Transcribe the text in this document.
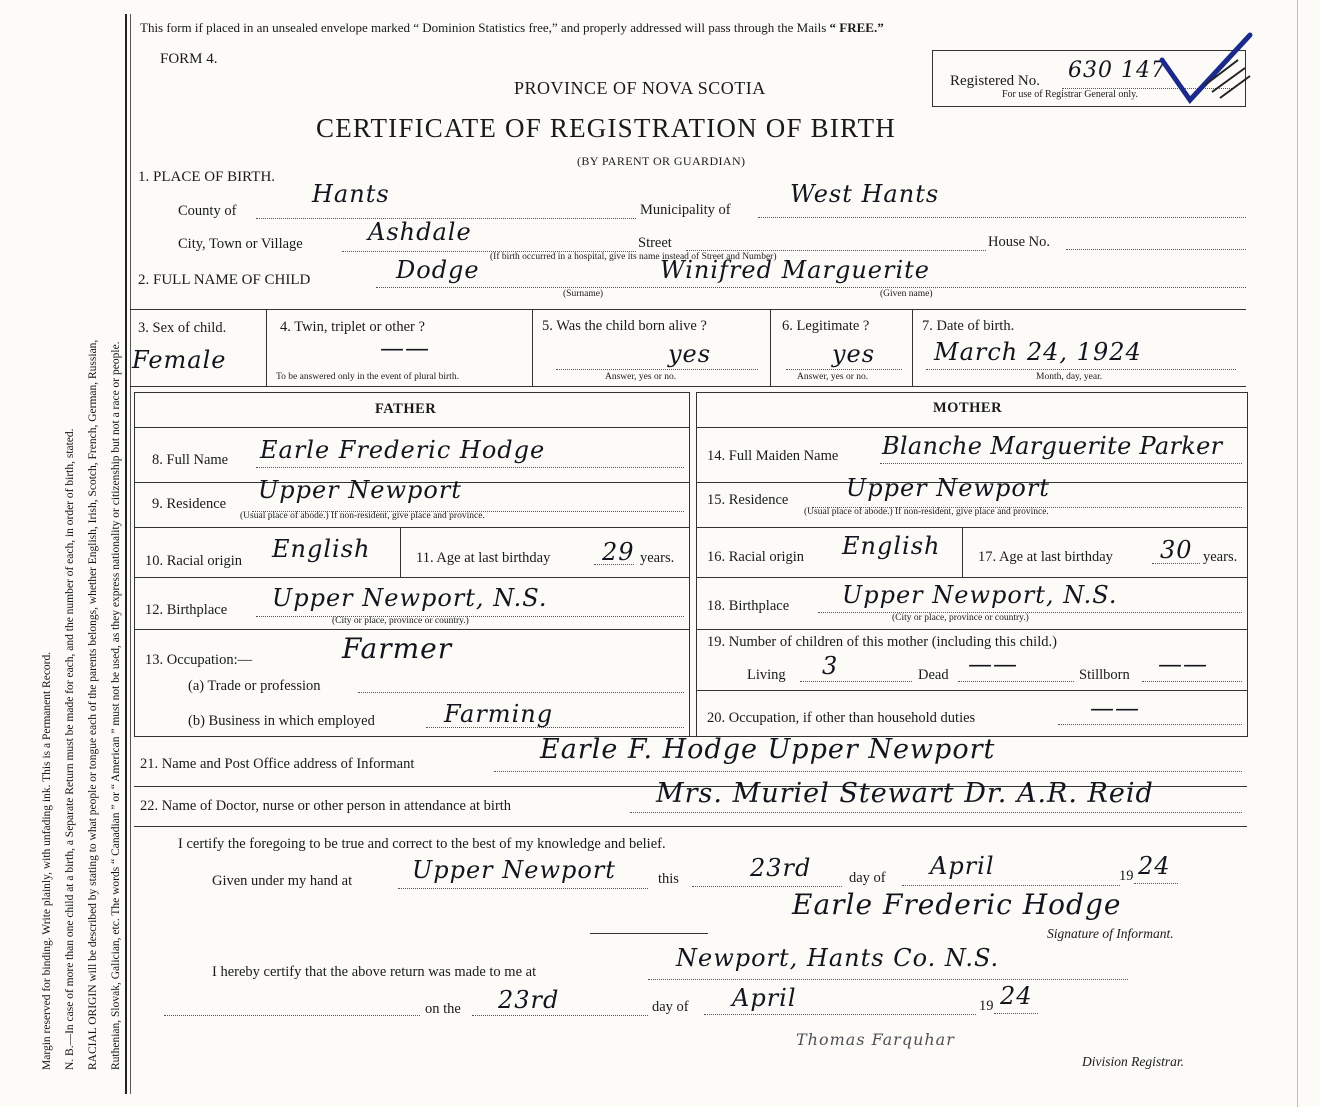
Margin reserved for binding. Write plainly, with unfading ink. This is a Permanent Record. N. B.—In case of more than one child at a birth, a Separate Return must be made for each, and the number of each, in order of birth, stated. RACIAL ORIGIN will be described by stating to what people or tongue each of the parents belongs, whether English, Irish, Scotch, French, German, Russian, Ruthenian, Slovak, Galician, etc. The words “ Canadian ” or “ American ” must not be used, as they express nationality or citizenship but not a race or people.
This form if placed in an unsealed envelope marked “ Dominion Statistics free,” and properly addressed will pass through the Mails “ FREE.”
FORM 4.
PROVINCE OF NOVA SCOTIA
CERTIFICATE OF REGISTRATION OF BIRTH
(BY PARENT OR GUARDIAN)
Registered No. 630 147
For use of Registrar General only.
1. PLACE OF BIRTH.
County of
Hants
Municipality of
West Hants
City, Town or Village	Ashdale	Street	House No.
(If birth occurred in a hospital, give its name instead of Street and Number)
2. FULL NAME OF CHILD	Dodge	Winifred Marguerite
(Surname)	(Given name)
3. Sex of child.
Female
4. Twin, triplet or other ?
——
To be answered only in the event of plural birth.
5. Was the child born alive ?
yes
Answer, yes or no.
6. Legitimate ?
yes
Answer, yes or no.
7. Date of birth.
March 24, 1924
Month, day, year.
FATHER	MOTHER
8. Full Name Earle Frederic Hodge
9. Residence Upper Newport
(Usual place of abode.) If non-resident, give place and province.
10. Racial origin English	11. Age at last birthday 29 years.
12. Birthplace Upper Newport, N.S.
(City or place, province or country.)
13. Occupation:—	Farmer
(a) Trade or profession
(b) Business in which employed	Farming
14. Full Maiden Name Blanche Marguerite Parker
15. Residence Upper Newport
(Usual place of abode.) If non-resident, give place and province.
16. Racial origin English	17. Age at last birthday 30 years.
18. Birthplace Upper Newport, N.S.
(City or place, province or country.)
19. Number of children of this mother (including this child.)
Living 3	Dead ——	Stillborn ——
20. Occupation, if other than household duties	——
21. Name and Post Office address of Informant	Earle F. Hodge Upper Newport
22. Name of Doctor, nurse or other person in attendance at birth	Mrs. Muriel Stewart Dr. A.R. Reid
I certify the foregoing to be true and correct to the best of my knowledge and belief.
Given under my hand at Upper Newport	this	23rd	day of April	19 24
Earle Frederic Hodge
Signature of Informant.
I hereby certify that the above return was made to me at	Newport, Hants Co. N.S.
on the 23rd	day of April	19 24
Thomas Farquhar
Division Registrar.
